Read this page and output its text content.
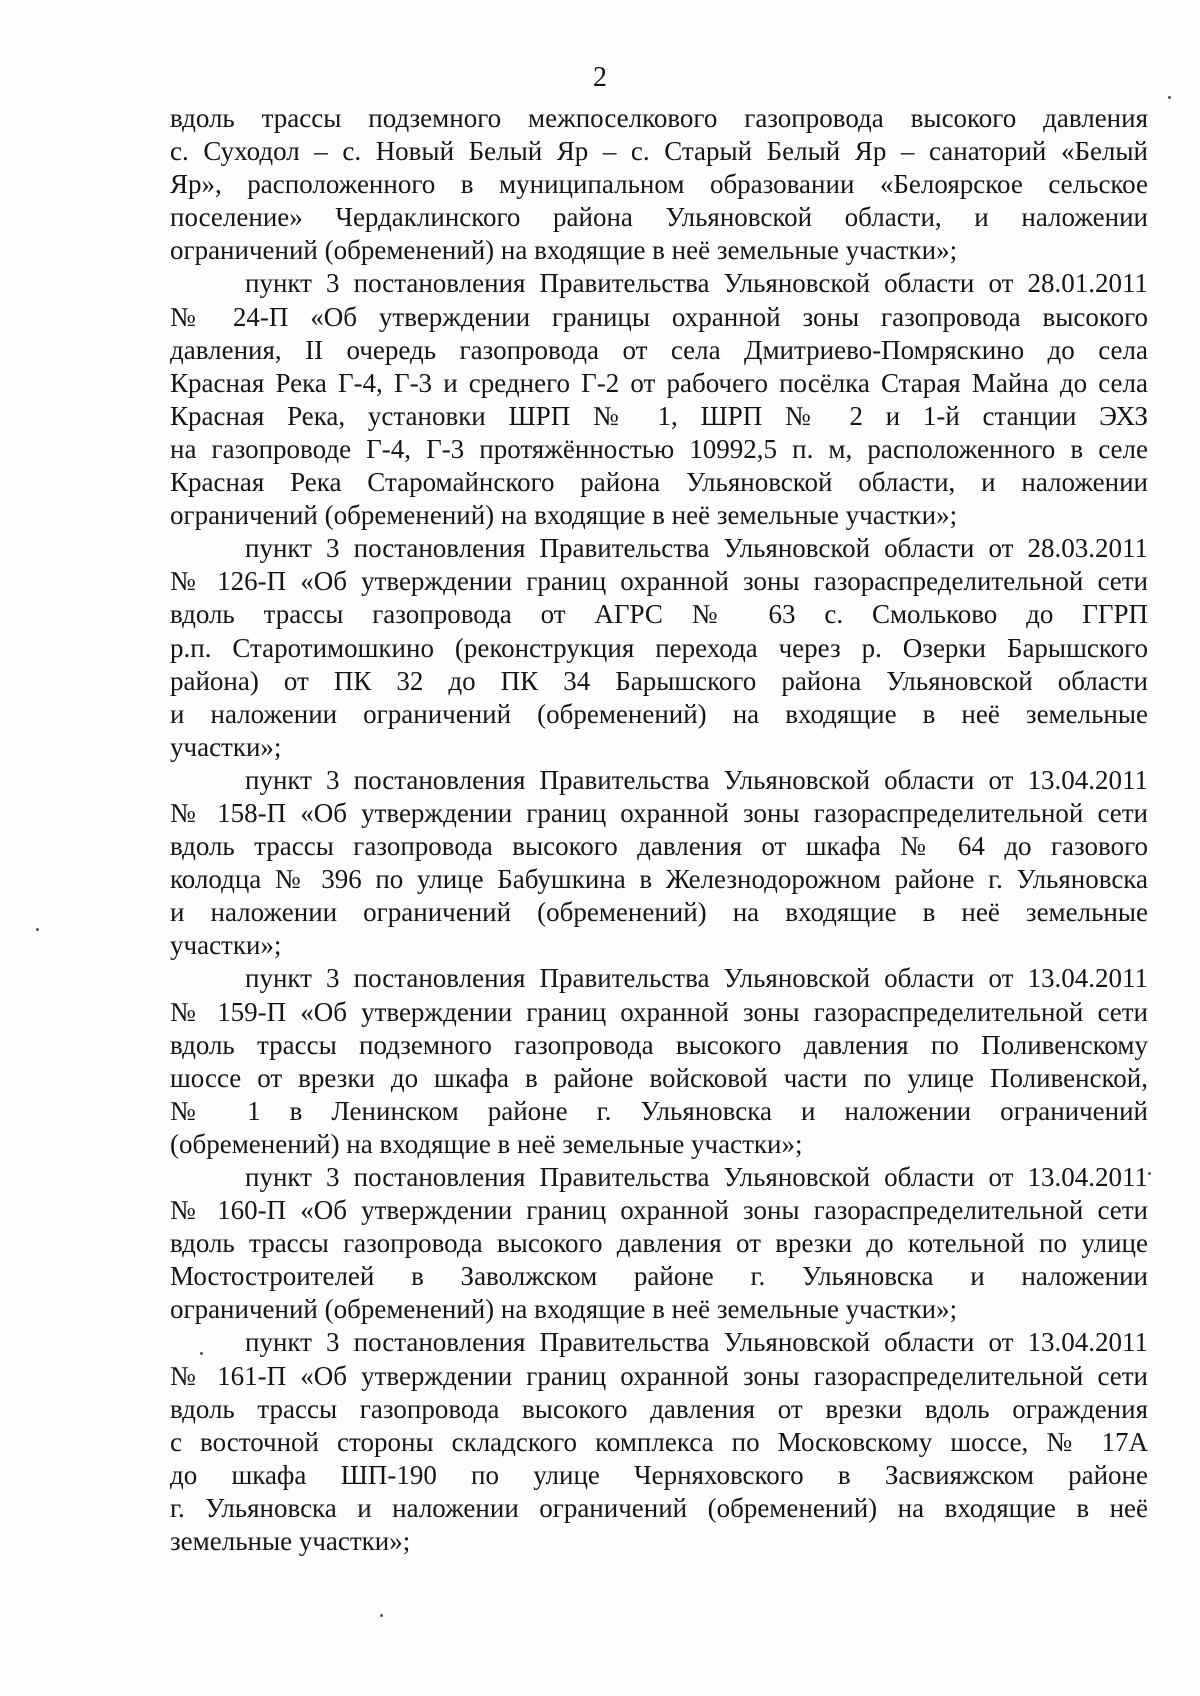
2
вдоль трассы подземного межпоселкового газопровода высокого давления
с. Суходол – с. Новый Белый Яр – с. Старый Белый Яр – санаторий «Белый
Яр», расположенного в муниципальном образовании «Белоярское сельское
поселение» Чердаклинского района Ульяновской области, и наложении
ограничений (обременений) на входящие в неё земельные участки»;
пункт 3 постановления Правительства Ульяновской области от 28.01.2011
№ 24-П «Об утверждении границы охранной зоны газопровода высокого
давления, II очередь газопровода от села Дмитриево-Помряскино до села
Красная Река Г-4, Г-3 и среднего Г-2 от рабочего посёлка Старая Майна до села
Красная Река, установки ШРП № 1, ШРП № 2 и 1-й станции ЭХЗ
на газопроводе Г-4, Г-3 протяжённостью 10992,5 п. м, расположенного в селе
Красная Река Старомайнского района Ульяновской области, и наложении
ограничений (обременений) на входящие в неё земельные участки»;
пункт 3 постановления Правительства Ульяновской области от 28.03.2011
№ 126-П «Об утверждении границ охранной зоны газораспределительной сети
вдоль трассы газопровода от АГРС № 63 с. Смольково до ГГРП
р.п. Старотимошкино (реконструкция перехода через р. Озерки Барышского
района) от ПК 32 до ПК 34 Барышского района Ульяновской области
и наложении ограничений (обременений) на входящие в неё земельные
участки»;
пункт 3 постановления Правительства Ульяновской области от 13.04.2011
№ 158-П «Об утверждении границ охранной зоны газораспределительной сети
вдоль трассы газопровода высокого давления от шкафа № 64 до газового
колодца № 396 по улице Бабушкина в Железнодорожном районе г. Ульяновска
и наложении ограничений (обременений) на входящие в неё земельные
участки»;
пункт 3 постановления Правительства Ульяновской области от 13.04.2011
№ 159-П «Об утверждении границ охранной зоны газораспределительной сети
вдоль трассы подземного газопровода высокого давления по Поливенскому
шоссе от врезки до шкафа в районе войсковой части по улице Поливенской,
№ 1 в Ленинском районе г. Ульяновска и наложении ограничений
(обременений) на входящие в неё земельные участки»;
пункт 3 постановления Правительства Ульяновской области от 13.04.2011
№ 160-П «Об утверждении границ охранной зоны газораспределительной сети
вдоль трассы газопровода высокого давления от врезки до котельной по улице
Мостостроителей в Заволжском районе г. Ульяновска и наложении
ограничений (обременений) на входящие в неё земельные участки»;
пункт 3 постановления Правительства Ульяновской области от 13.04.2011
№ 161-П «Об утверждении границ охранной зоны газораспределительной сети
вдоль трассы газопровода высокого давления от врезки вдоль ограждения
с восточной стороны складского комплекса по Московскому шоссе, № 17А
до шкафа ШП-190 по улице Черняховского в Засвияжском районе
г. Ульяновска и наложении ограничений (обременений) на входящие в неё
земельные участки»;
